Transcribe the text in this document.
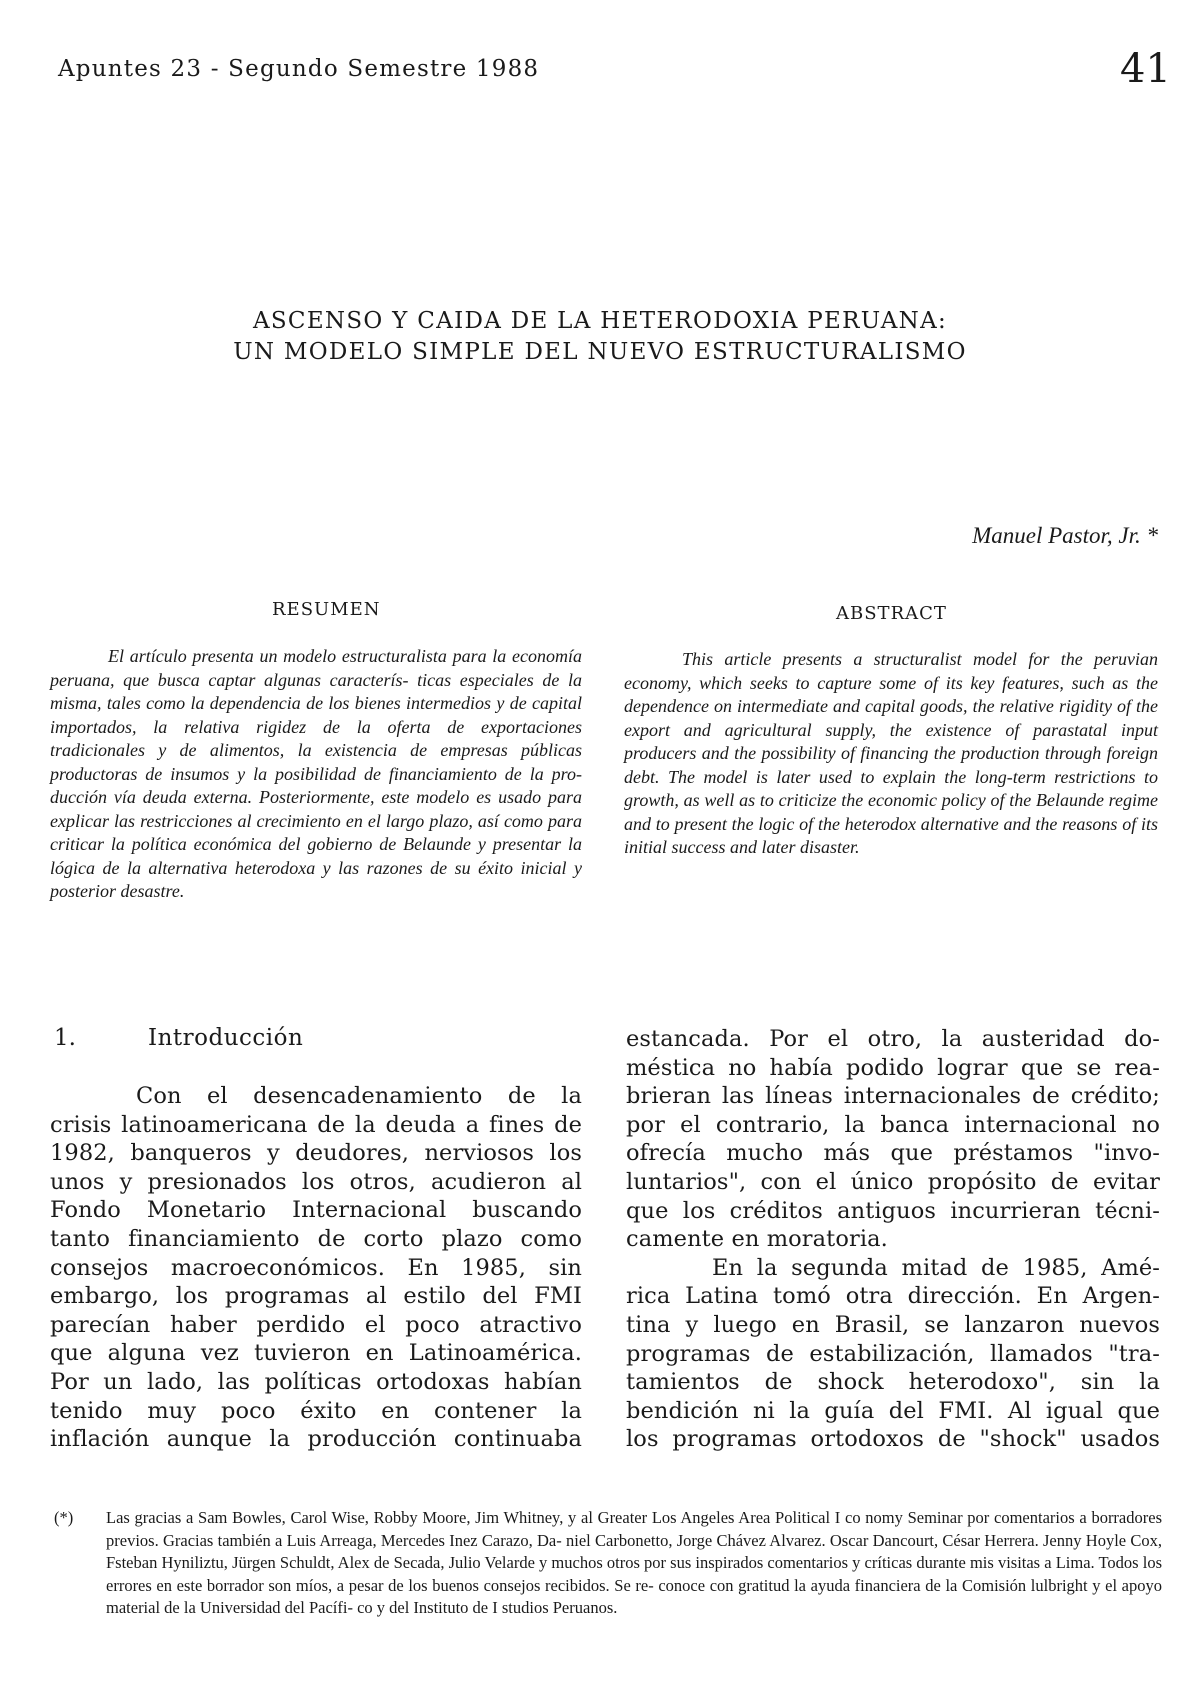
Apuntes 23 - Segundo Semestre 1988	41
ASCENSO Y CAIDA DE LA HETERODOXIA PERUANA:
UN MODELO SIMPLE DEL NUEVO ESTRUCTURALISMO
Manuel Pastor, Jr. *
RESUMEN
El artículo presenta un modelo estructuralista para la economía peruana, que busca captar algunas caracterís- ticas especiales de la misma, tales como la dependencia de los bienes intermedios y de capital importados, la relativa rigidez de la oferta de exportaciones tradicionales y de alimentos, la existencia de empresas públicas productoras de insumos y la posibilidad de financiamiento de la pro- ducción vía deuda externa. Posteriormente, este modelo es usado para explicar las restricciones al crecimiento en el largo plazo, así como para criticar la política económica del gobierno de Belaunde y presentar la lógica de la alternativa heterodoxa y las razones de su éxito inicial y posterior desastre.
ABSTRACT
This article presents a structuralist model for the peruvian economy, which seeks to capture some of its key features, such as the dependence on intermediate and capital goods, the relative rigidity of the export and agricultural supply, the existence of parastatal input producers and the possibility of financing the production through foreign debt. The model is later used to explain the long-term restrictions to growth, as well as to criticize the economic policy of the Belaunde regime and to present the logic of the heterodox alternative and the reasons of its initial success and later disaster.
1.	Introducción
Con el desencadenamiento de la
crisis latinoamericana de la deuda a fines de
1982, banqueros y deudores, nerviosos los
unos y presionados los otros, acudieron al
Fondo Monetario Internacional buscando
tanto financiamiento de corto plazo como
consejos macroeconómicos. En 1985, sin
embargo, los programas al estilo del FMI
parecían haber perdido el poco atractivo
que alguna vez tuvieron en Latinoamérica.
Por un lado, las políticas ortodoxas habían
tenido muy poco éxito en contener la
inflación aunque la producción continuaba
estancada. Por el otro, la austeridad do-
méstica no había podido lograr que se rea-
brieran las líneas internacionales de crédito;
por el contrario, la banca internacional no
ofrecía mucho más que préstamos "invo-
luntarios", con el único propósito de evitar
que los créditos antiguos incurrieran técni-
camente en moratoria.
En la segunda mitad de 1985, Amé-
rica Latina tomó otra dirección. En Argen-
tina y luego en Brasil, se lanzaron nuevos
programas de estabilización, llamados "tra-
tamientos de shock heterodoxo", sin la
bendición ni la guía del FMI. Al igual que
los programas ortodoxos de "shock" usados
(*) Las gracias a Sam Bowles, Carol Wise, Robby Moore, Jim Whitney, y al Greater Los Angeles Area Political I co nomy Seminar por comentarios a borradores previos. Gracias también a Luis Arreaga, Mercedes Inez Carazo, Da- niel Carbonetto, Jorge Chávez Alvarez. Oscar Dancourt, César Herrera. Jenny Hoyle Cox, Fsteban Hyniliztu, Jürgen Schuldt, Alex de Secada, Julio Velarde y muchos otros por sus inspirados comentarios y críticas durante mis visitas a Lima. Todos los errores en este borrador son míos, a pesar de los buenos consejos recibidos. Se re- conoce con gratitud la ayuda financiera de la Comisión lulbright y el apoyo material de la Universidad del Pacífi- co y del Instituto de I studios Peruanos.
